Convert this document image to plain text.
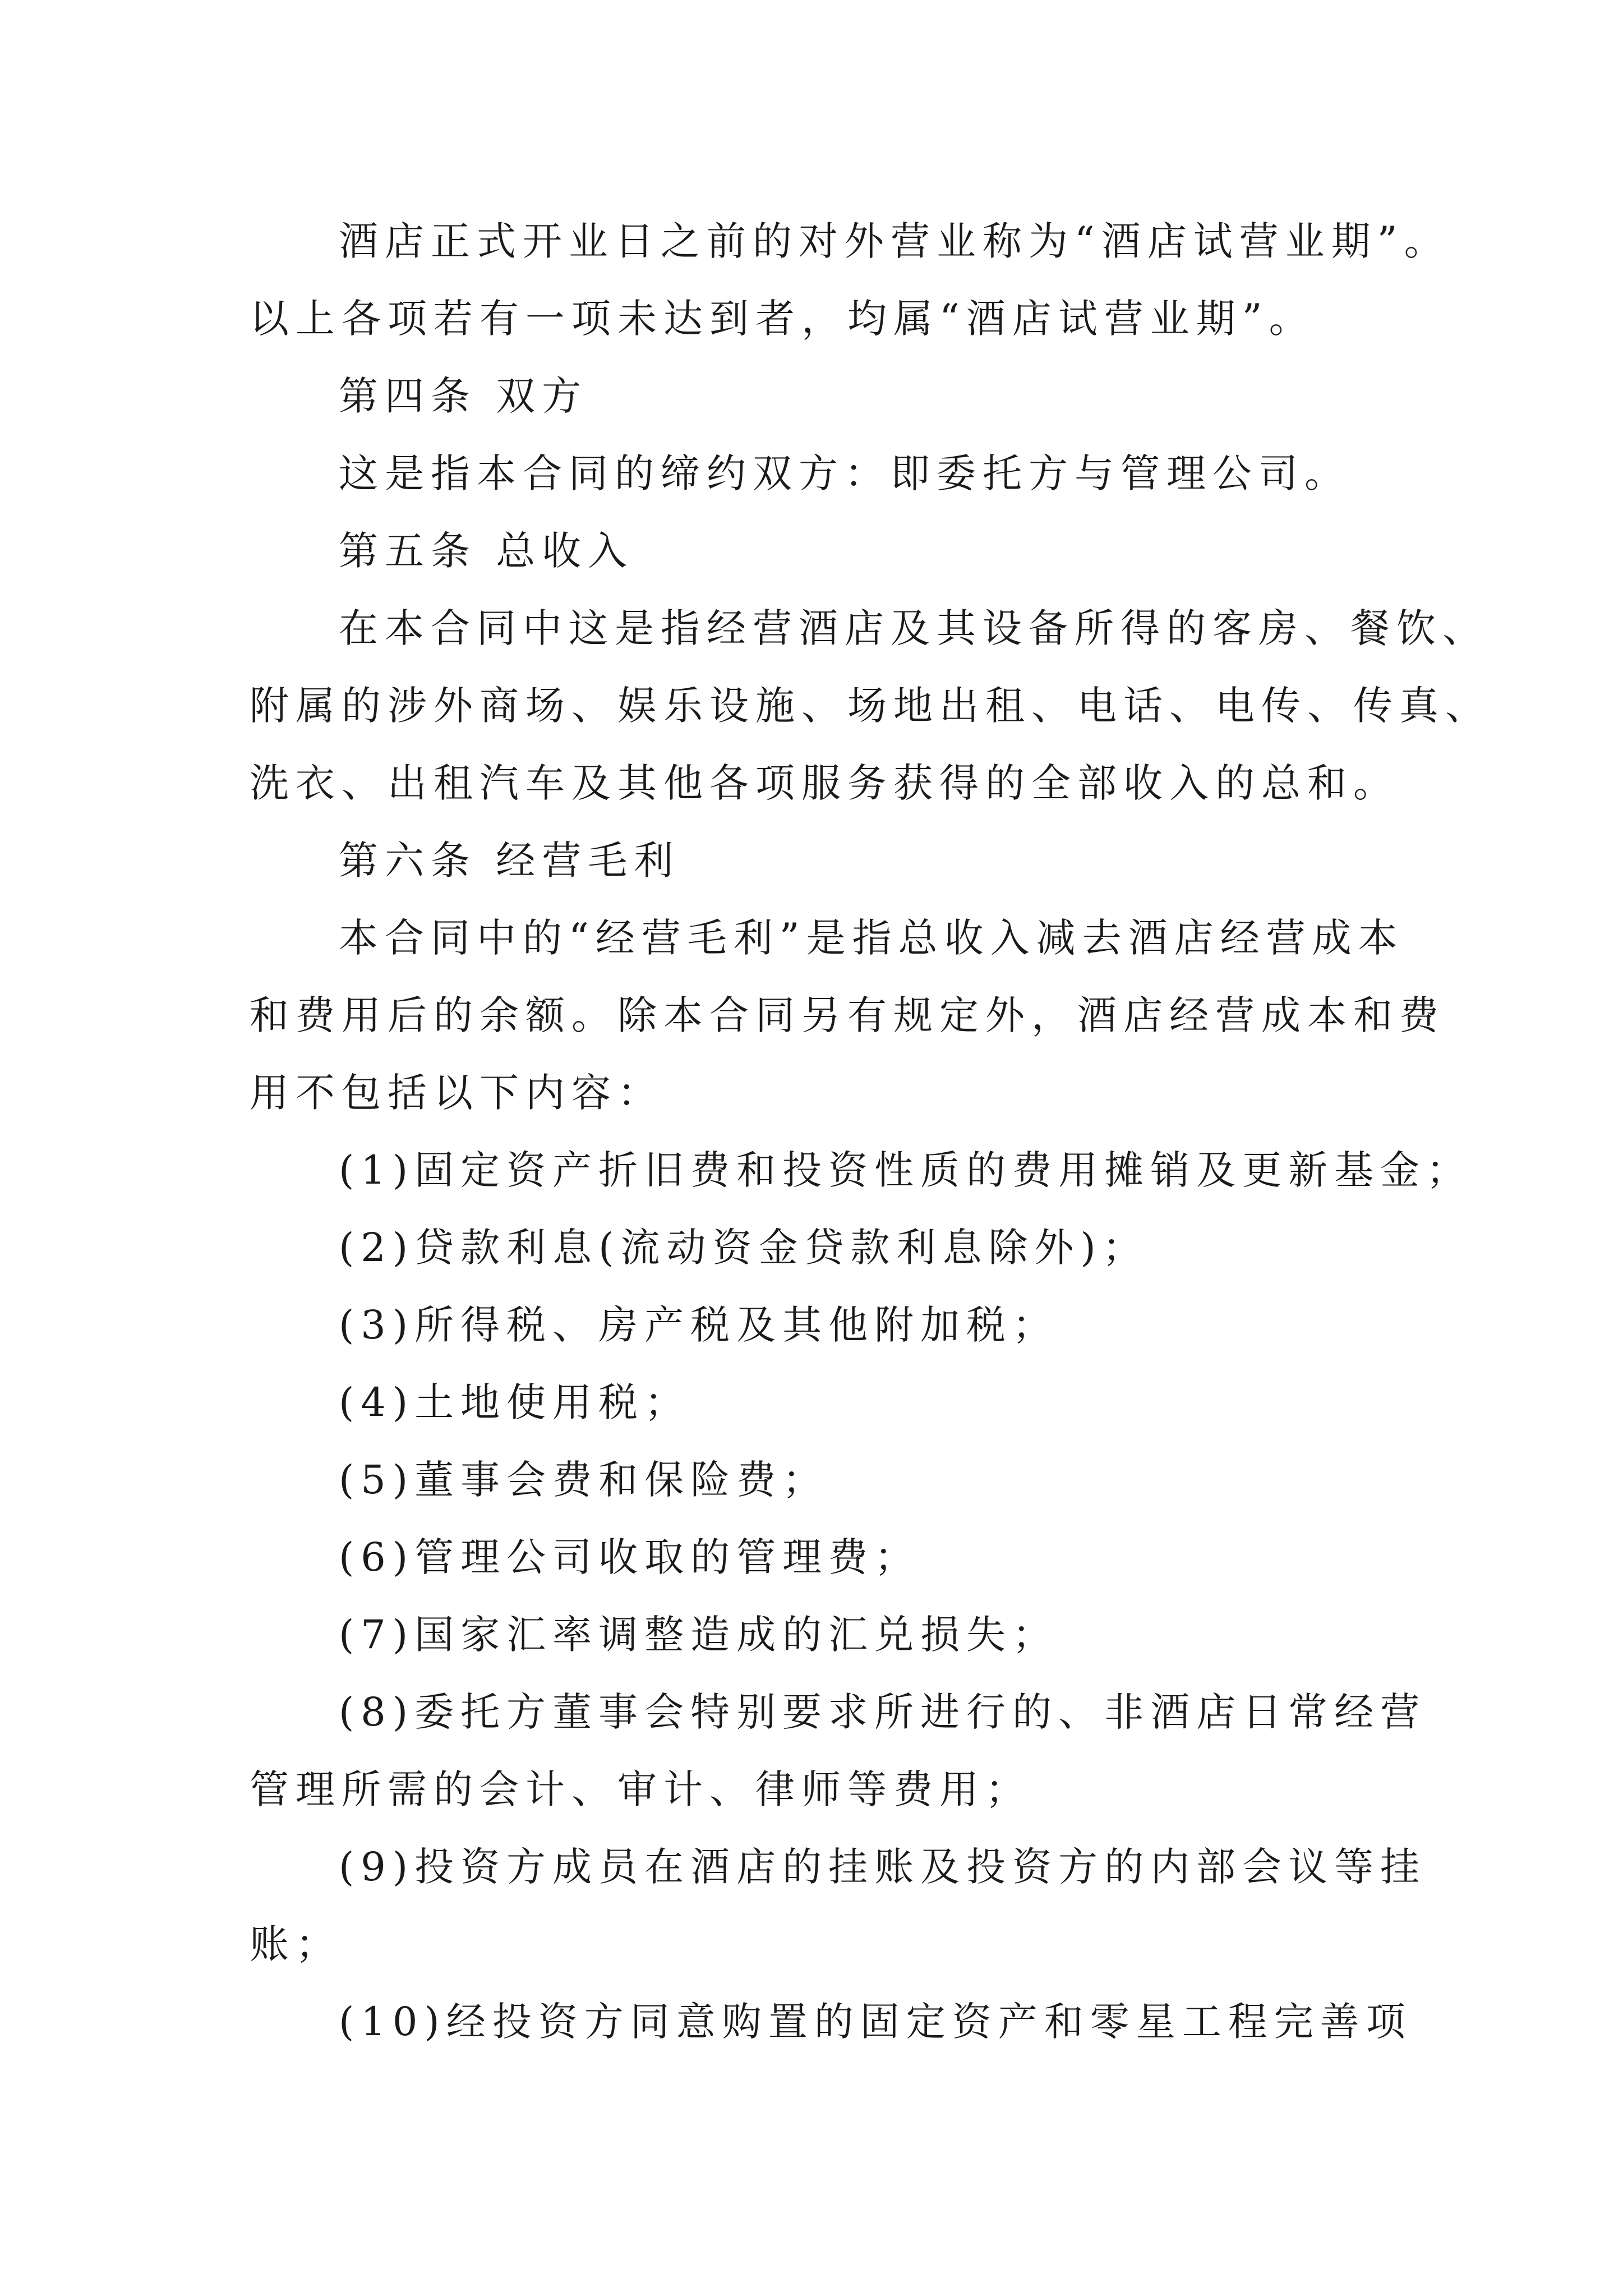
酒店正式开业日之前的对外营业称为“酒店试营业期”。
以上各项若有一项未达到者，均属“酒店试营业期”。
第四条 双方
这是指本合同的缔约双方：即委托方与管理公司。
第五条 总收入
在本合同中这是指经营酒店及其设备所得的客房、餐饮、
附属的涉外商场、娱乐设施、场地出租、电话、电传、传真、
洗衣、出租汽车及其他各项服务获得的全部收入的总和。
第六条 经营毛利
本合同中的“经营毛利”是指总收入减去酒店经营成本
和费用后的余额。除本合同另有规定外，酒店经营成本和费
用不包括以下内容：
(1)固定资产折旧费和投资性质的费用摊销及更新基金；
(2)贷款利息(流动资金贷款利息除外)；
(3)所得税、房产税及其他附加税；
(4)土地使用税；
(5)董事会费和保险费；
(6)管理公司收取的管理费；
(7)国家汇率调整造成的汇兑损失；
(8)委托方董事会特别要求所进行的、非酒店日常经营
管理所需的会计、审计、律师等费用；
(9)投资方成员在酒店的挂账及投资方的内部会议等挂
账；
(10)经投资方同意购置的固定资产和零星工程完善项
